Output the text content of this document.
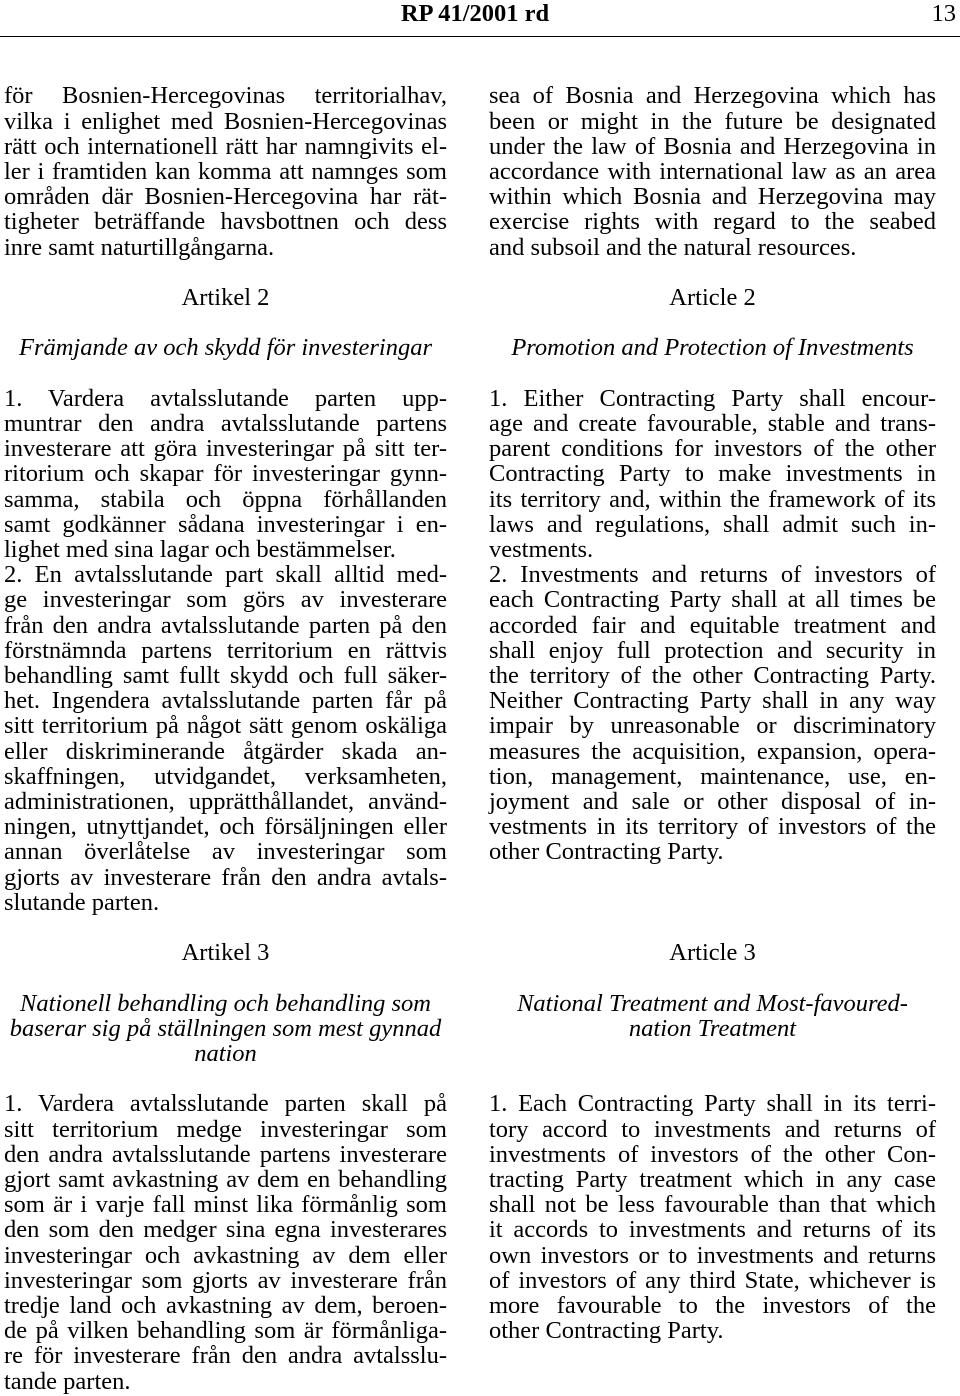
RP 41/2001 rd	13
för Bosnien-Hercegovinas territorialhav,
vilka i enlighet med Bosnien-Hercegovinas
rätt och internationell rätt har namngivits el-
ler i framtiden kan komma att namnges som
områden där Bosnien-Hercegovina har rät-
tigheter beträffande havsbottnen och dess
inre samt naturtillgångarna.
Artikel 2
Främjande av och skydd för investeringar
1. Vardera avtalsslutande parten upp-
muntrar den andra avtalsslutande partens
investerare att göra investeringar på sitt ter-
ritorium och skapar för investeringar gynn-
samma, stabila och öppna förhållanden
samt godkänner sådana investeringar i en-
lighet med sina lagar och bestämmelser.
2. En avtalsslutande part skall alltid med-
ge investeringar som görs av investerare
från den andra avtalsslutande parten på den
förstnämnda partens territorium en rättvis
behandling samt fullt skydd och full säker-
het. Ingendera avtalsslutande parten får på
sitt territorium på något sätt genom oskäliga
eller diskriminerande åtgärder skada an-
skaffningen, utvidgandet, verksamheten,
administrationen, upprätthållandet, använd-
ningen, utnyttjandet, och försäljningen eller
annan överlåtelse av investeringar som
gjorts av investerare från den andra avtals-
slutande parten.
Artikel 3
Nationell behandling och behandling som
baserar sig på ställningen som mest gynnad
nation
1. Vardera avtalsslutande parten skall på
sitt territorium medge investeringar som
den andra avtalsslutande partens investerare
gjort samt avkastning av dem en behandling
som är i varje fall minst lika förmånlig som
den som den medger sina egna investerares
investeringar och avkastning av dem eller
investeringar som gjorts av investerare från
tredje land och avkastning av dem, beroen-
de på vilken behandling som är förmånliga-
re för investerare från den andra avtalsslu-
tande parten.
sea of Bosnia and Herzegovina which has
been or might in the future be designated
under the law of Bosnia and Herzegovina in
accordance with international law as an area
within which Bosnia and Herzegovina may
exercise rights with regard to the seabed
and subsoil and the natural resources.
Article 2
Promotion and Protection of Investments
1. Either Contracting Party shall encour-
age and create favourable, stable and trans-
parent conditions for investors of the other
Contracting Party to make investments in
its territory and, within the framework of its
laws and regulations, shall admit such in-
vestments.
2. Investments and returns of investors of
each Contracting Party shall at all times be
accorded fair and equitable treatment and
shall enjoy full protection and security in
the territory of the other Contracting Party.
Neither Contracting Party shall in any way
impair by unreasonable or discriminatory
measures the acquisition, expansion, opera-
tion, management, maintenance, use, en-
joyment and sale or other disposal of in-
vestments in its territory of investors of the
other Contracting Party.
Article 3
National Treatment and Most-favoured-
nation Treatment
1. Each Contracting Party shall in its terri-
tory accord to investments and returns of
investments of investors of the other Con-
tracting Party treatment which in any case
shall not be less favourable than that which
it accords to investments and returns of its
own investors or to investments and returns
of investors of any third State, whichever is
more favourable to the investors of the
other Contracting Party.
